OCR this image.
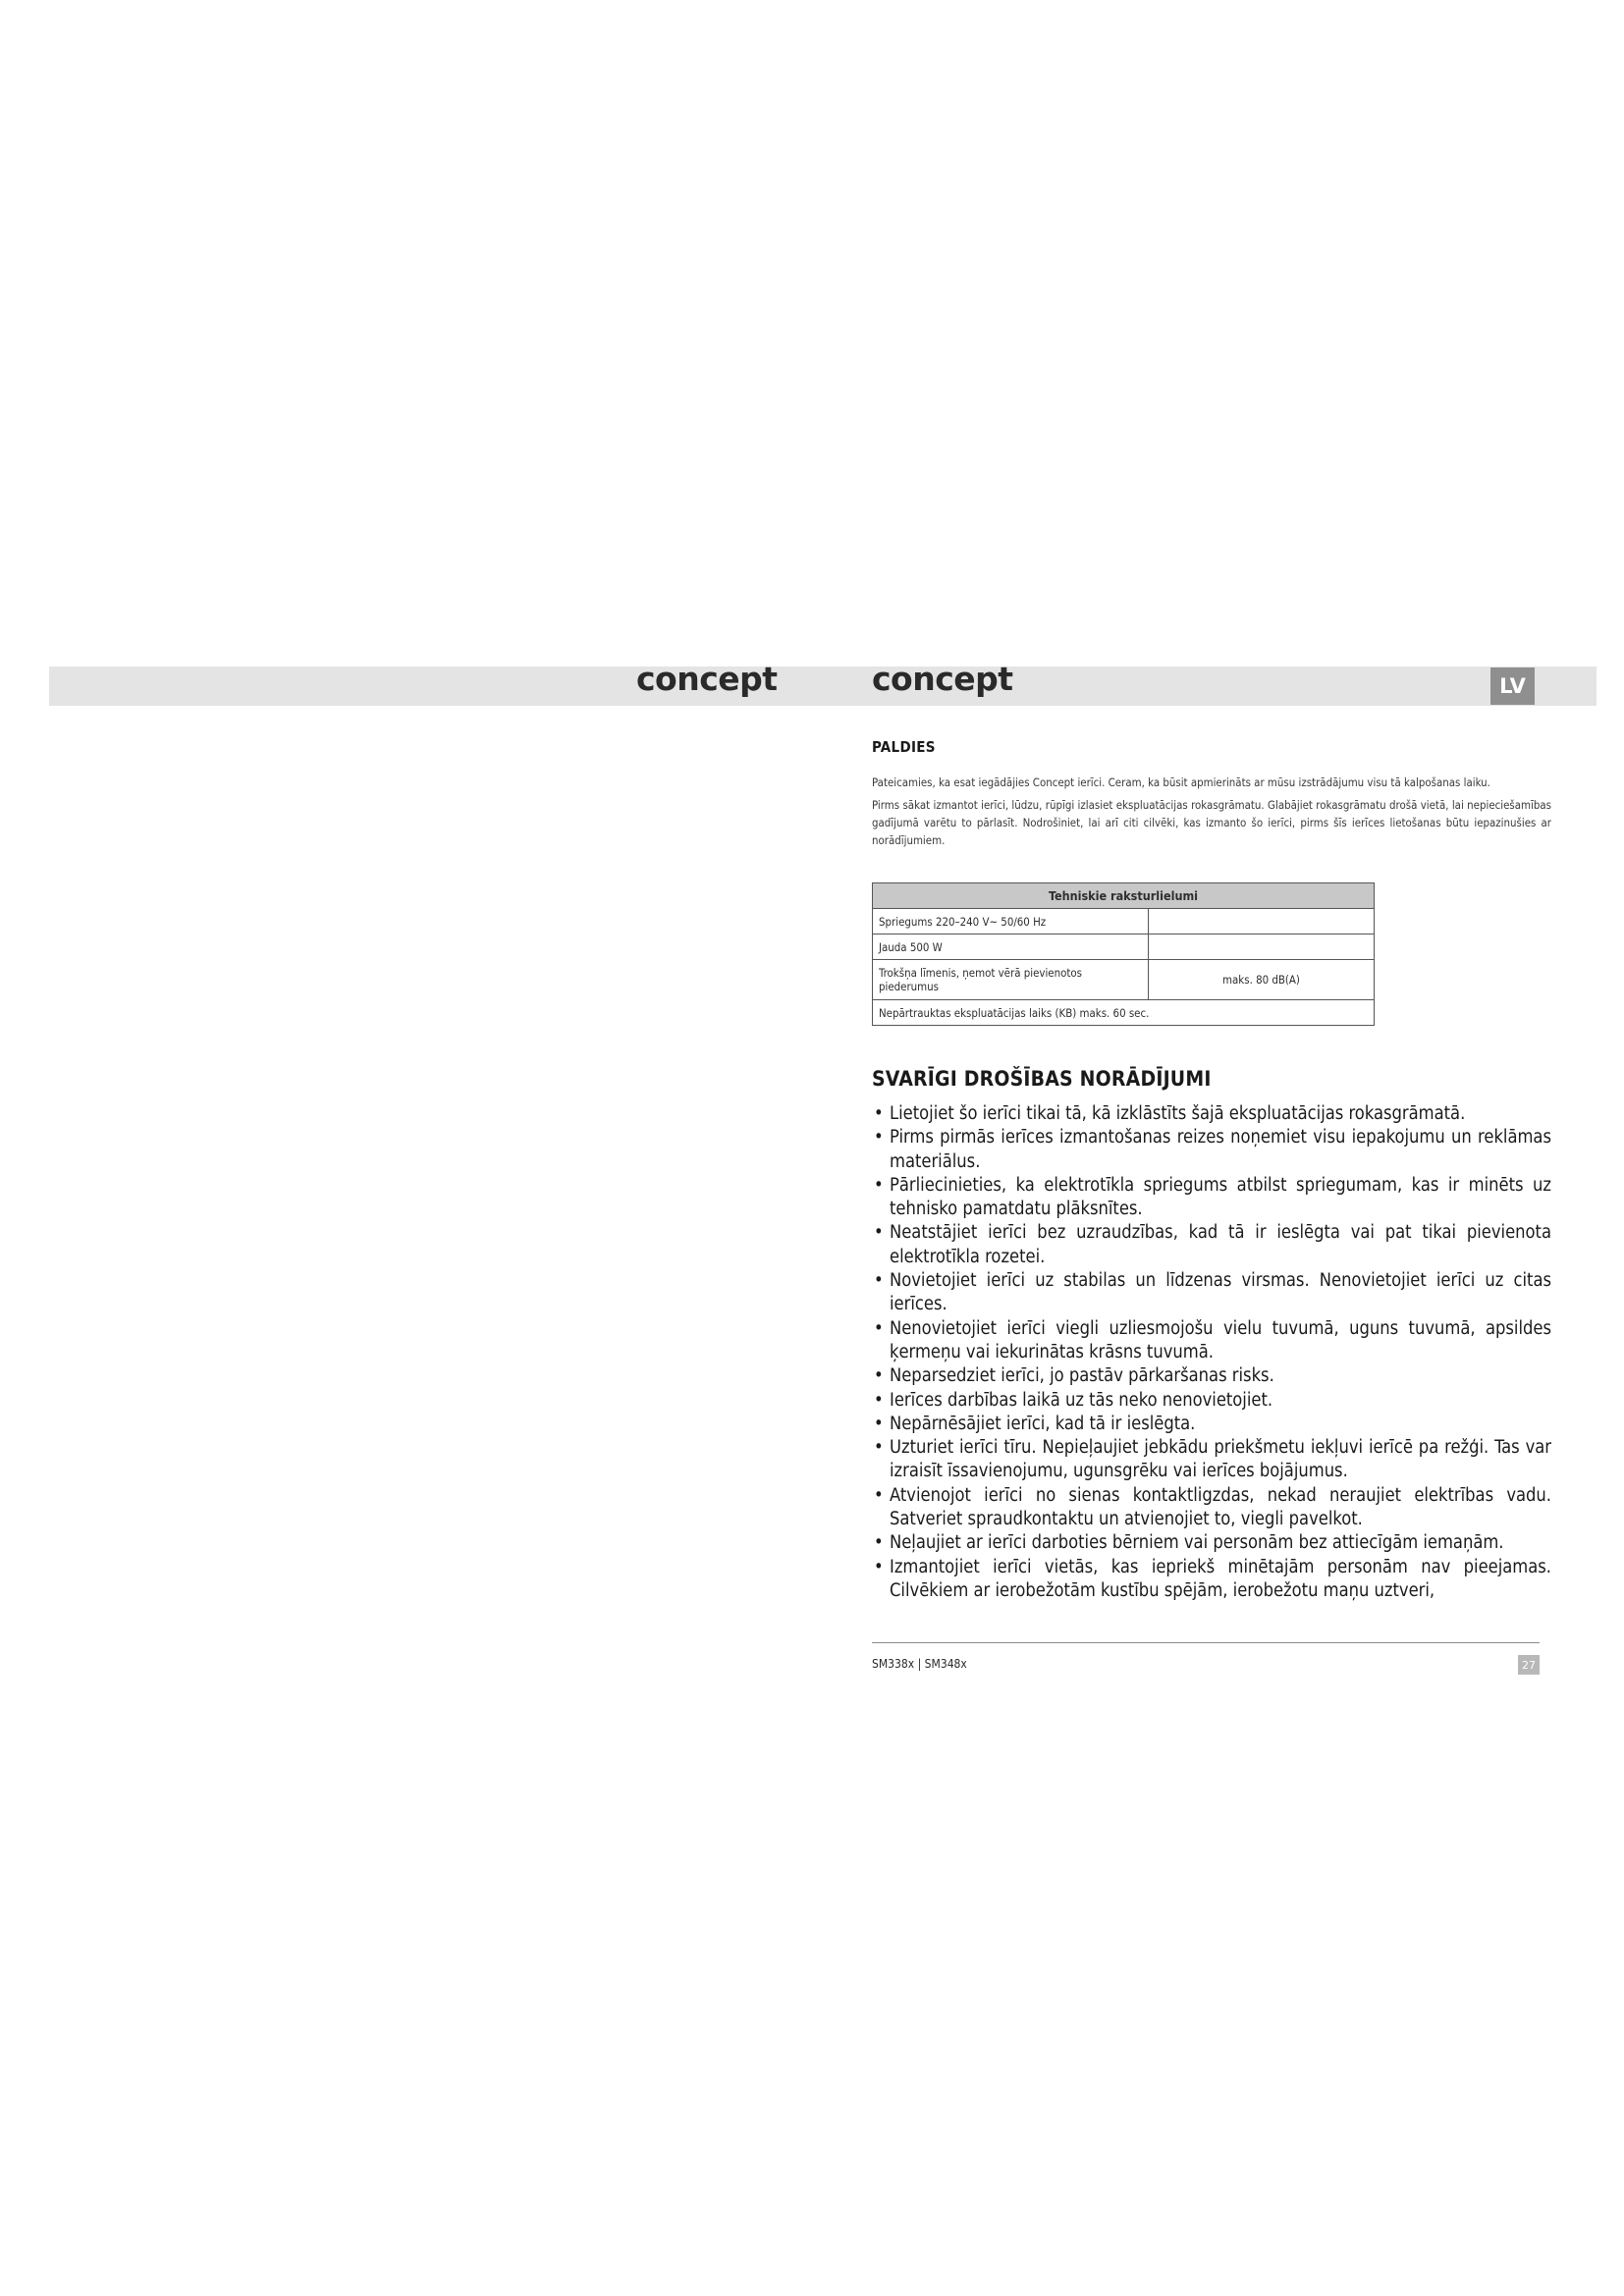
concept	concept	LV
PALDIES

Pateicamies, ka esat iegādājies Concept ierīci. Ceram, ka būsit apmierināts ar mūsu izstrādājumu visu tā kalpošanas laiku.

Pirms sākat izmantot ierīci, lūdzu, rūpīgi izlasiet ekspluatācijas rokasgrāmatu. Glabājiet rokasgrāmatu drošā vietā, lai nepieciešamības gadījumā varētu to pārlasīt. Nodrošiniet, lai arī citi cilvēki, kas izmanto šo ierīci, pirms šīs ierīces lietošanas būtu iepazinušies ar norādījumiem.

Tehniskie raksturlielumi	
Spriegums 220–240 V~ 50/60 Hz	
Jauda 500 W	
Trokšņa līmenis, ņemot vērā pievienotos piederumus	maks. 80 dB(A)
Nepārtrauktas ekspluatācijas laiks (KB) maks. 60 sec.	
SVARĪGI DROŠĪBAS NORĀDĪJUMI
• Lietojiet šo ierīci tikai tā, kā izklāstīts šajā ekspluatācijas rokasgrāmatā.
• Pirms pirmās ierīces izmantošanas reizes noņemiet visu iepakojumu un reklāmas materiālus.
• Pārliecinieties, ka elektrotīkla spriegums atbilst spriegumam, kas ir minēts uz tehnisko pamatdatu plāksnītes.
• Neatstājiet ierīci bez uzraudzības, kad tā ir ieslēgta vai pat tikai pievienota elektrotīkla rozetei.
• Novietojiet ierīci uz stabilas un līdzenas virsmas. Nenovietojiet ierīci uz citas ierīces.
• Nenovietojiet ierīci viegli uzliesmojošu vielu tuvumā, uguns tuvumā, apsildes ķermeņu vai iekurinātas krāsns tuvumā.
• Neparsedziet ierīci, jo pastāv pārkaršanas risks.
• Ierīces darbības laikā uz tās neko nenovietojiet.
• Nepārnēsājiet ierīci, kad tā ir ieslēgta.
• Uzturiet ierīci tīru. Nepieļaujiet jebkādu priekšmetu iekļuvi ierīcē pa režģi. Tas var izraisīt īssavienojumu, ugunsgrēku vai ierīces bojājumus.
• Atvienojot ierīci no sienas kontaktligzdas, nekad neraujiet elektrības vadu. Satveriet spraudkontaktu un atvienojiet to, viegli pavelkot.
• Neļaujiet ar ierīci darboties bērniem vai personām bez attiecīgām iemaņām.
• Izmantojiet ierīci vietās, kas iepriekš minētajām personām nav pieejamas. Cilvēkiem ar ierobežotām kustību spējām, ierobežotu maņu uztveri,
SM338x | SM348x	27
